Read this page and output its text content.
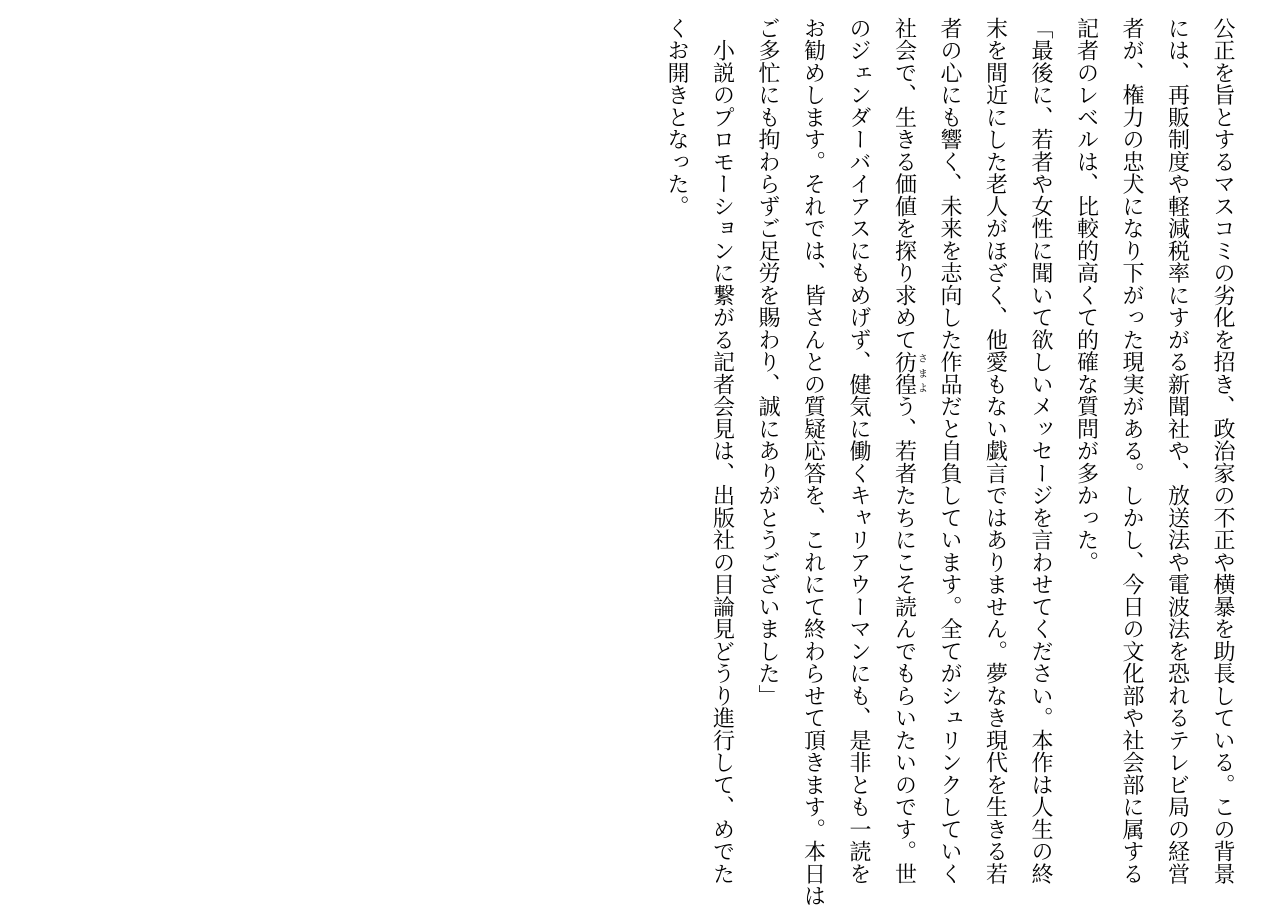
公正を旨とするマスコミの劣化を招き、政治家の不正や横暴を助長している。この背景
には、再販制度や軽減税率にすがる新聞社や、放送法や電波法を恐れるテレビ局の経営
者が、権力の忠犬になり下がった現実がある。しかし、今日の文化部や社会部に属する
記者のレベルは、比較的高くて的確な質問が多かった。
「最後に、若者や女性に聞いて欲しいメッセージを言わせてください。本作は人生の終
末を間近にした老人がほざく、他愛もない戯言ではありません。夢なき現代を生きる若
者の心にも響く、未来を志向した作品だと自負しています。全てがシュリンクしていく
社会で、生きる価値を探り求めて彷徨さまよう、若者たちにこそ読んでもらいたいのです。世
のジェンダーバイアスにもめげず、健気に働くキャリアウーマンにも、是非とも一読を
お勧めします。それでは、皆さんとの質疑応答を、これにて終わらせて頂きます。本日は
ご多忙にも拘わらずご足労を賜わり、誠にありがとうございました」
　小説のプロモーションに繋がる記者会見は、出版社の目論見どうり進行して、めでた
くお開きとなった。
